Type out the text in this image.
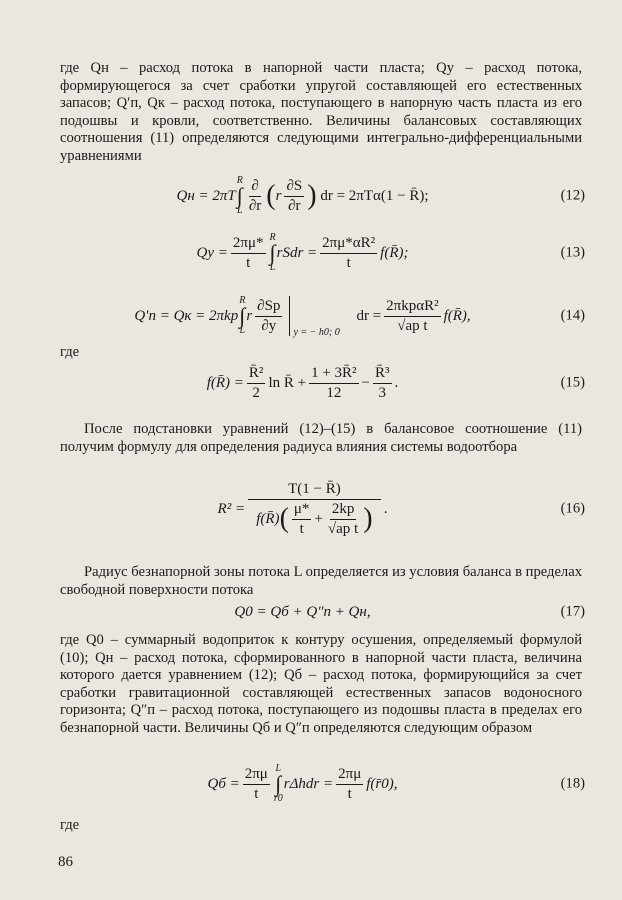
где Qн – расход потока в напорной части пласта; Qу – расход потока, формирующегося за счет сработки упругой составляющей его естественных запасов; Q′п, Qк – расход потока, поступающего в напорную часть пласта из его подошвы и кровли, соответственно. Величины балансовых составляющих соотношения (11) определяются следующими интегрально-дифференциальными уравнениями

Qн = 2πT
R
∫
L $\frac{\partial}{\partial r}$ ( r $\frac{\partial S}{\partial r}$ )
dr
= 2πTα(1 − R̄);	(12)
Qу = $\frac{2\pi\mu*}{t}$ R
∫
L
rSdr = $\frac{\text{2πμ*αR²}}{t}$ f(R̄);	(13)
Q′п = Qк = 2πkр
R
∫
L
r $\frac{\partial Sр}{\partial y}$ y = − h0; 0
dr = $\frac{\text{2πkрαR²}}{\text{√aр t}}$ f(R̄),	(14)
где
f(R̄) = $\frac{\text{R̄²}}{2}$ ln R̄ + $\frac{\text{1 + 3R̄²}}{12} - \frac{\text{R̄³}}{3}$ .	(15)

После подстановки уравнений (12)–(15) в балансовое соотношение (11) получим формулу для определения радиуса влияния системы водоотбора

R² =
T(1 − R̄)
f(R̄) ( $\frac{\mu*}{t} + \frac{2kр}{\text{√aр t}}$ ) .	(16)

Радиус безнапорной зоны потока L определяется из условия баланса в пределах свободной поверхности потока

Q0 = Qб + Q″п + Qн,	(17)

где Q0 – суммарный водоприток к контуру осушения, определяемый формулой (10); Qн – расход потока, сформированного в напорной части пласта, величина которого дается уравнением (12); Qб – расход потока, формирующийся за счет сработки гравитационной составляющей естественных запасов водоносного горизонта; Q″п – расход потока, поступающего из подошвы пласта в пределах его безнапорной части. Величины Qб и Q″п определяются следующим образом

Qб = $\frac{2\pi\mu}{t}$ L
∫
r0
$r\Delta hdr = \frac{2\pi\mu}{t}$ f(r̄0),	(18)
где
86
